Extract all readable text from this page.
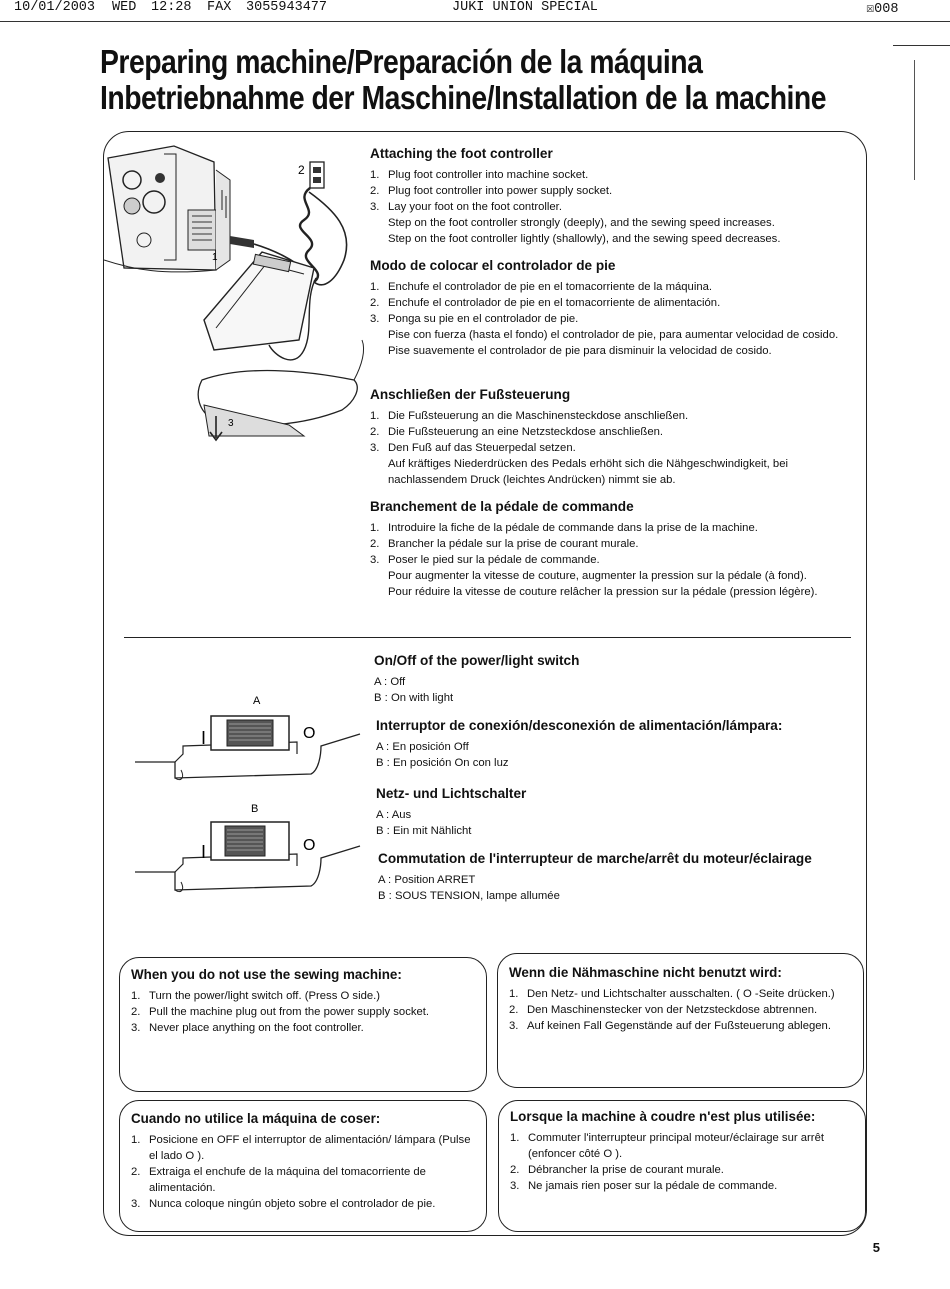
10/01/2003 WED 12:28 FAX 3055943477	JUKI UNION SPECIAL	☒008
Preparing machine/Preparación de la máquina
Inbetriebnahme der Maschine/Installation de la machine
1
2
3
Attaching the foot controller
1. Plug foot controller into machine socket.
2. Plug foot controller into power supply socket.
3. Lay your foot on the foot controller.
Step on the foot controller strongly (deeply), and the sewing speed increases.
Step on the foot controller lightly (shallowly), and the sewing speed decreases.
Modo de colocar el controlador de pie
1. Enchufe el controlador de pie en el tomacorriente de la máquina.
2. Enchufe el controlador de pie en el tomacorriente de alimentación.
3. Ponga su pie en el controlador de pie.
Pise con fuerza (hasta el fondo) el controlador de pie, para aumentar velocidad de cosido. Pise suavemente el controlador de pie para disminuir la velocidad de cosido.
Anschließen der Fußsteuerung
1. Die Fußsteuerung an die Maschinensteckdose anschließen.
2. Die Fußsteuerung an eine Netzsteckdose anschließen.
3. Den Fuß auf das Steuerpedal setzen.
Auf kräftiges Niederdrücken des Pedals erhöht sich die Nähgeschwindigkeit, bei nachlassendem Druck (leichtes Andrücken) nimmt sie ab.
Branchement de la pédale de commande
1. Introduire la fiche de la pédale de commande dans la prise de la machine.
2. Brancher la pédale sur la prise de courant murale.
3. Poser le pied sur la pédale de commande.
Pour augmenter la vitesse de couture, augmenter la pression sur la pédale (à fond).
Pour réduire la vitesse de couture relâcher la pression sur la pédale (pression légère).
A
I	O
B
I	O
On/Off of the power/light switch
A : Off
B : On with light
Interruptor de conexión/desconexión de alimentación/lámpara:
A : En posición Off
B : En posición On con luz
Netz- und Lichtschalter
A : Aus
B : Ein mit Nählicht
Commutation de l'interrupteur de marche/arrêt du moteur/éclairage
A : Position ARRET
B : SOUS TENSION, lampe allumée
When you do not use the sewing machine:
1. Turn the power/light switch off. (Press O side.)
2. Pull the machine plug out from the power supply socket.
3. Never place anything on the foot controller.
Wenn die Nähmaschine nicht benutzt wird:
1. Den Netz- und Lichtschalter ausschalten. ( O -Seite drücken.)
2. Den Maschinenstecker von der Netzsteckdose abtrennen.
3. Auf keinen Fall Gegenstände auf der Fußsteuerung ablegen.
Cuando no utilice la máquina de coser:
1. Posicione en OFF el interruptor de alimentación/ lámpara (Pulse el lado O ).
2. Extraiga el enchufe de la máquina del tomacorriente de alimentación.
3. Nunca coloque ningún objeto sobre el controlador de pie.
Lorsque la machine à coudre n'est plus utilisée:
1. Commuter l'interrupteur principal moteur/éclairage sur arrêt (enfoncer côté O ).
2. Débrancher la prise de courant murale.
3. Ne jamais rien poser sur la pédale de commande.
5
